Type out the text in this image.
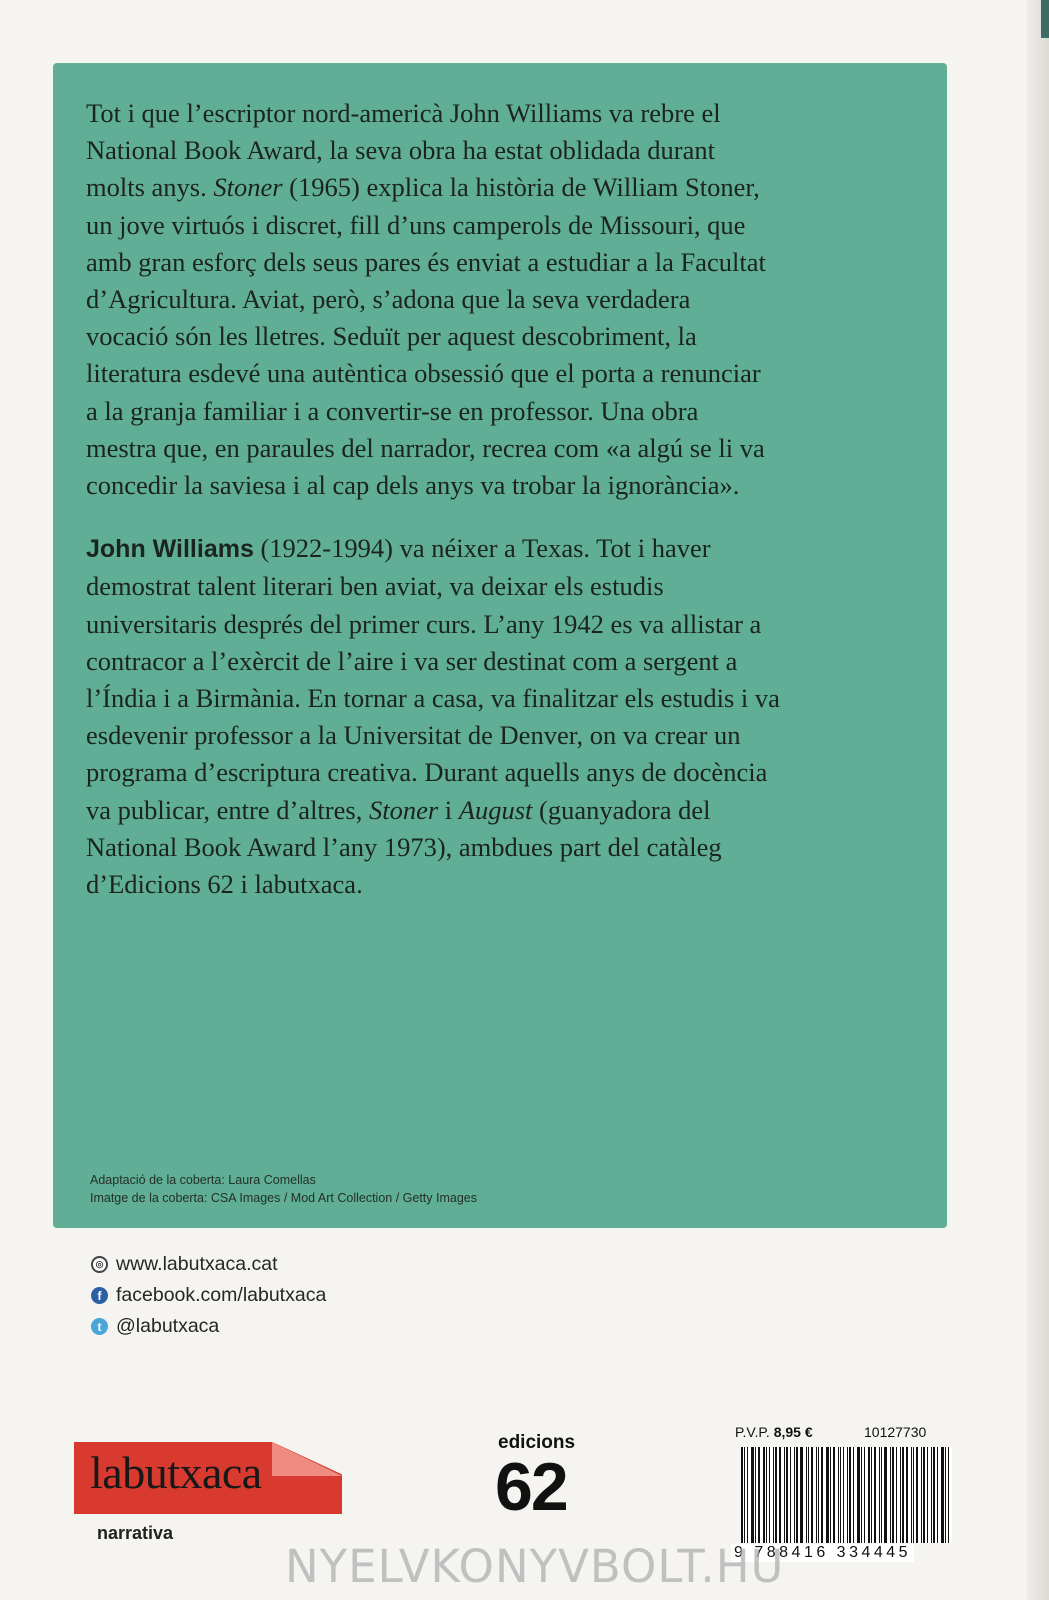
Tot i que l’escriptor nord-americà John Williams va rebre el National Book Award, la seva obra ha estat oblidada durant molts anys. Stoner (1965) explica la història de William Stoner, un jove virtuós i discret, fill d’uns camperols de Missouri, que amb gran esforç dels seus pares és enviat a estudiar a la Facultat d’Agricultura. Aviat, però, s’adona que la seva verdadera vocació són les lletres. Seduït per aquest descobriment, la literatura esdevé una autèntica obsessió que el porta a renunciar a la granja familiar i a convertir-se en professor. Una obra mestra que, en paraules del narrador, recrea com «a algú se li va concedir la saviesa i al cap dels anys va trobar la ignorància».
John Williams (1922-1994) va néixer a Texas. Tot i haver demostrat talent literari ben aviat, va deixar els estudis universitaris després del primer curs. L’any 1942 es va allistar a contracor a l’exèrcit de l’aire i va ser destinat com a sergent a l’Índia i a Birmània. En tornar a casa, va finalitzar els estudis i va esdevenir professor a la Universitat de Denver, on va crear un programa d’escriptura creativa. Durant aquells anys de docència va publicar, entre d’altres, Stoner i August (guanyadora del National Book Award l’any 1973), ambdues part del catàleg d’Edicions 62 i labutxaca.
Adaptació de la coberta: Laura Comellas
Imatge de la coberta: CSA Images / Mod Art Collection / Getty Images
◎ www.labutxaca.cat
f facebook.com/labutxaca
t @labutxaca
labutxaca
narrativa
edicions
62
P.V.P. 8,95 €	10127730
9 788416 334445
NYELVKONYVBOLT.HU
